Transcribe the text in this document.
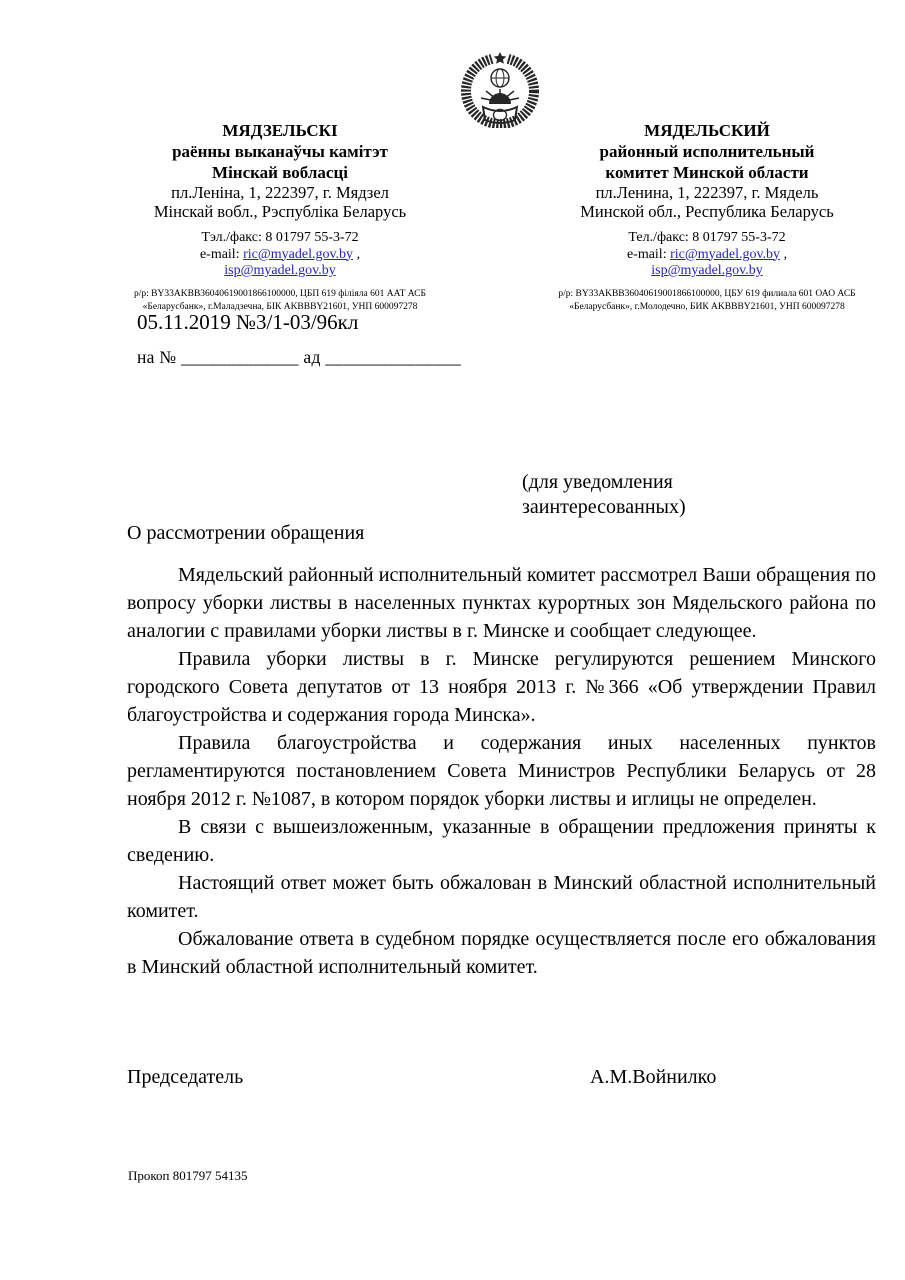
МЯДЗЕЛЬСКІ
раённы выканаўчы камітэт
Мінскай вобласці
пл.Леніна, 1, 222397, г. Мядзел
Мінскай вобл., Рэспубліка Беларусь
Тэл./факс: 8 01797 55-3-72
e-mail: ric@myadel.gov.by ,
isp@myadel.gov.by
р/р: BY33AKBB36040619001866100000, ЦБП 619 філіяла 601 ААТ АСБ
«Беларусбанк», г.Маладзечна, БІК AKBBBY21601, УНП 600097278
МЯДЕЛЬСКИЙ
районный исполнительный
комитет Минской области
пл.Ленина, 1, 222397, г. Мядель
Минской обл., Республика Беларусь
Тел./факс: 8 01797 55-3-72
e-mail: ric@myadel.gov.by ,
isp@myadel.gov.by
р/р: BY33AKBB36040619001866100000, ЦБУ 619 филиала 601 ОАО АСБ
«Беларусбанк», г.Молодечно, БИК AKBBBY21601, УНП 600097278
05.11.2019 №3/1-03/96кл
на № _____________ ад _______________
(для уведомления
заинтересованных)
О рассмотрении обращения

Мядельский районный исполнительный комитет рассмотрел Ваши обращения по вопросу уборки листвы в населенных пунктах курортных зон Мядельского района по аналогии с правилами уборки листвы в г. Минске и сообщает следующее.

Правила уборки листвы в г. Минске регулируются решением Минского городского Совета депутатов от 13 ноября 2013 г. №366 «Об утверждении Правил благоустройства и содержания города Минска».

Правила благоустройства и содержания иных населенных пунктов регламентируются постановлением Совета Министров Республики Беларусь от 28 ноября 2012 г. №1087, в котором порядок уборки листвы и иглицы не определен.

В связи с вышеизложенным, указанные в обращении предложения приняты к сведению.

Настоящий ответ может быть обжалован в Минский областной исполнительный комитет.

Обжалование ответа в судебном порядке осуществляется после его обжалования в Минский областной исполнительный комитет.

Председатель	А.М.Войнилко
Прокоп 801797 54135
